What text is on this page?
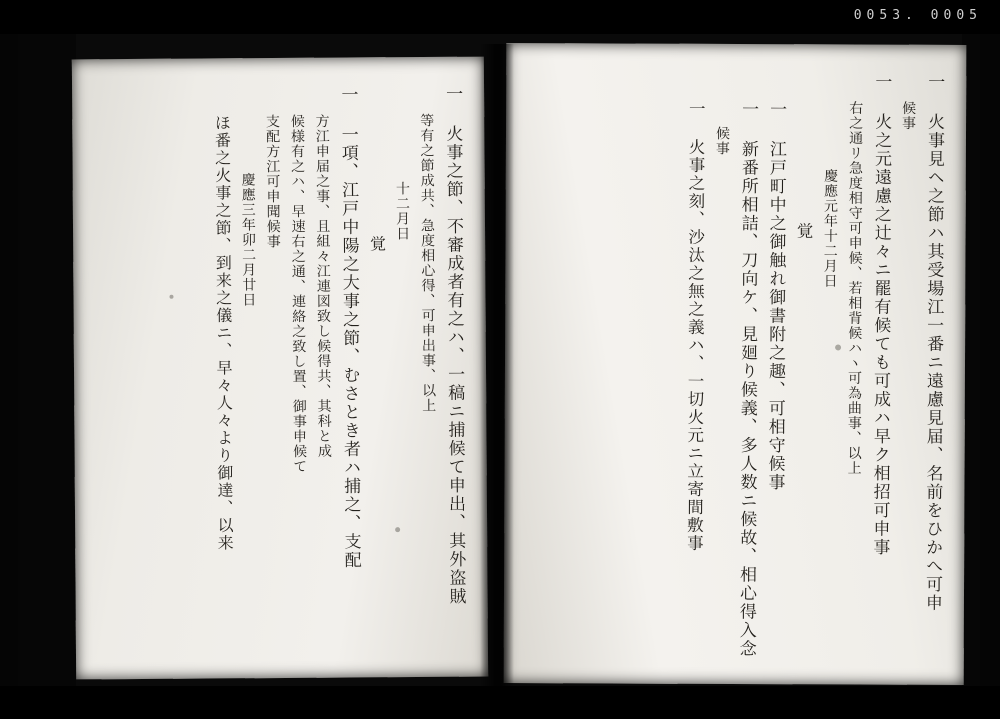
0053. 0005
一 火事之節、不審成者有之ハ、一稿ニ捕候て申出、其外盗賊
等有之節成共、急度相心得、可申出事、以上
十二月日
覚
一 一項、江戸中陽之大事之節、むさとき者ハ捕之、支配
方江申届之事、且組々江連図致し候得共、其科と成
候様有之ハ、早速右之通、連絡之致し置、御事申候て
支配方江可申聞候事
慶應三年卯二月廿日
ほ番之火事之節、到来之儀ニ、早々人々より御達、以来	一 火事見ヘ之節ハ其受場江一番ニ遠慮見届、名前をひかへ可申
候事
一 火之元遠慮之辻々ニ罷有候ても可成ハ早ク相招可申事
右之通リ急度相守可申候、若相背候ハヽ可為曲事、以上
慶應元年十二月日
覚
一 江戸町中之御触れ御書附之趣、可相守候事
一 新番所相詰、刀向ケ、見廻り候義、多人数ニ候故、相心得入念
候事
一 火事之刻、沙汰之無之義ハ、一切火元ニ立寄間敷事
